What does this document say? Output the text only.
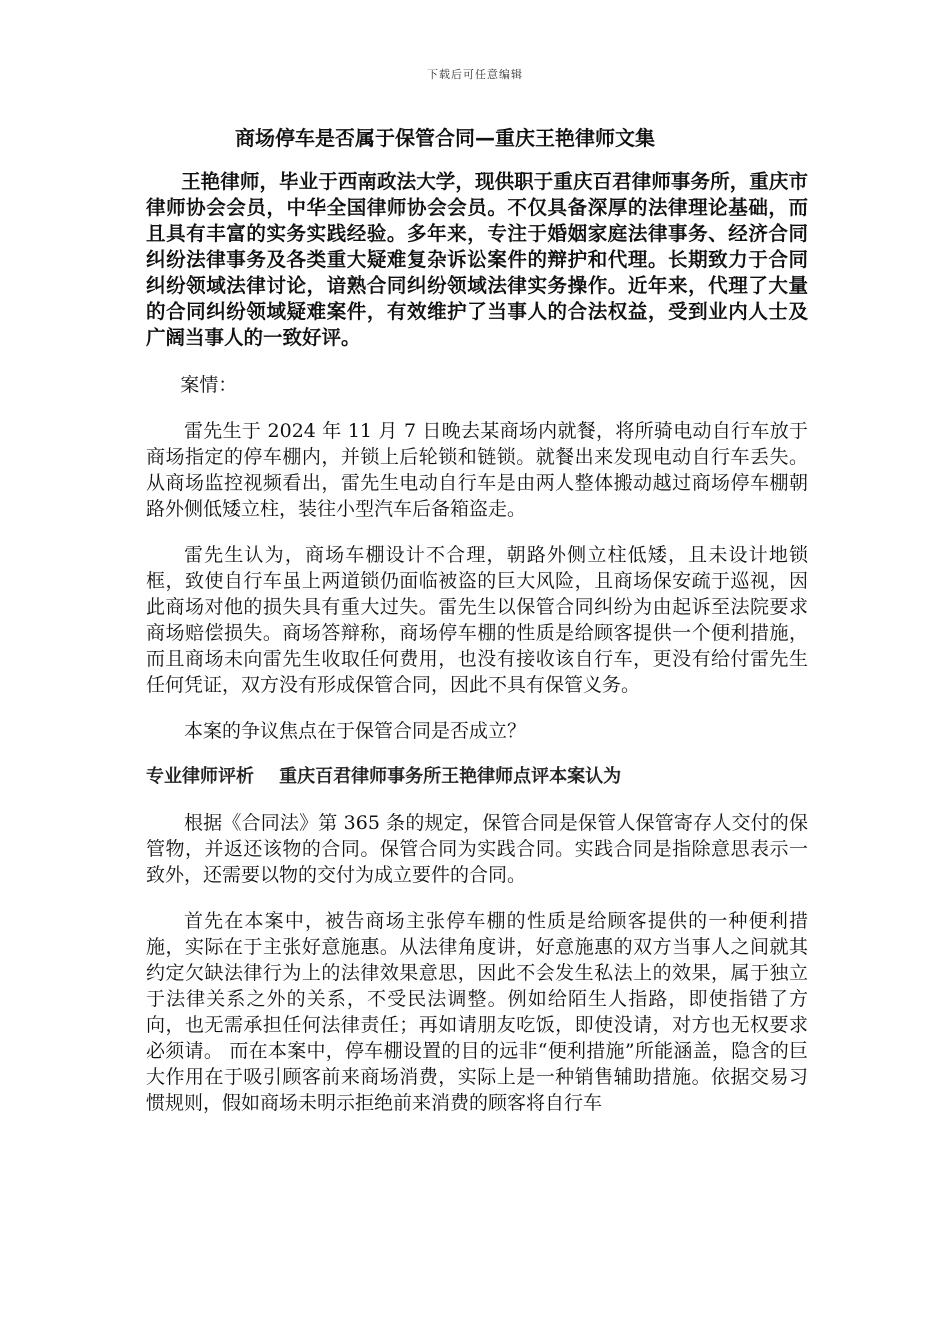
下载后可任意编辑
商场停车是否属于保管合同—重庆王艳律师文集

王艳律师，毕业于西南政法大学，现供职于重庆百君律师事务所，重庆市律师协会会员，中华全国律师协会会员。不仅具备深厚的法律理论基础，而且具有丰富的实务实践经验。多年来，专注于婚姻家庭法律事务、经济合同纠纷法律事务及各类重大疑难复杂诉讼案件的辩护和代理。长期致力于合同纠纷领域法律讨论，谙熟合同纠纷领域法律实务操作。近年来，代理了大量的合同纠纷领域疑难案件，有效维护了当事人的合法权益，受到业内人士及广阔当事人的一致好评。

案情：

雷先生于 2024 年 11 月 7 日晚去某商场内就餐，将所骑电动自行车放于商场指定的停车棚内，并锁上后轮锁和链锁。就餐出来发现电动自行车丢失。从商场监控视频看出，雷先生电动自行车是由两人整体搬动越过商场停车棚朝路外侧低矮立柱，装往小型汽车后备箱盗走。

雷先生认为，商场车棚设计不合理，朝路外侧立柱低矮，且未设计地锁框，致使自行车虽上两道锁仍面临被盗的巨大风险，且商场保安疏于巡视，因此商场对他的损失具有重大过失。雷先生以保管合同纠纷为由起诉至法院要求商场赔偿损失。商场答辩称，商场停车棚的性质是给顾客提供一个便利措施，而且商场未向雷先生收取任何费用，也没有接收该自行车，更没有给付雷先生任何凭证，双方没有形成保管合同，因此不具有保管义务。

本案的争议焦点在于保管合同是否成立？

专业律师评析 重庆百君律师事务所王艳律师点评本案认为

根据《合同法》第 365 条的规定，保管合同是保管人保管寄存人交付的保管物，并返还该物的合同。保管合同为实践合同。实践合同是指除意思表示一致外，还需要以物的交付为成立要件的合同。

首先在本案中，被告商场主张停车棚的性质是给顾客提供的一种便利措施，实际在于主张好意施惠。从法律角度讲，好意施惠的双方当事人之间就其约定欠缺法律行为上的法律效果意思，因此不会发生私法上的效果，属于独立于法律关系之外的关系，不受民法调整。例如给陌生人指路，即使指错了方向，也无需承担任何法律责任；再如请朋友吃饭，即使没请，对方也无权要求必须请。 而在本案中，停车棚设置的目的远非“便利措施”所能涵盖，隐含的巨大作用在于吸引顾客前来商场消费，实际上是一种销售辅助措施。依据交易习惯规则，假如商场未明示拒绝前来消费的顾客将自行车
